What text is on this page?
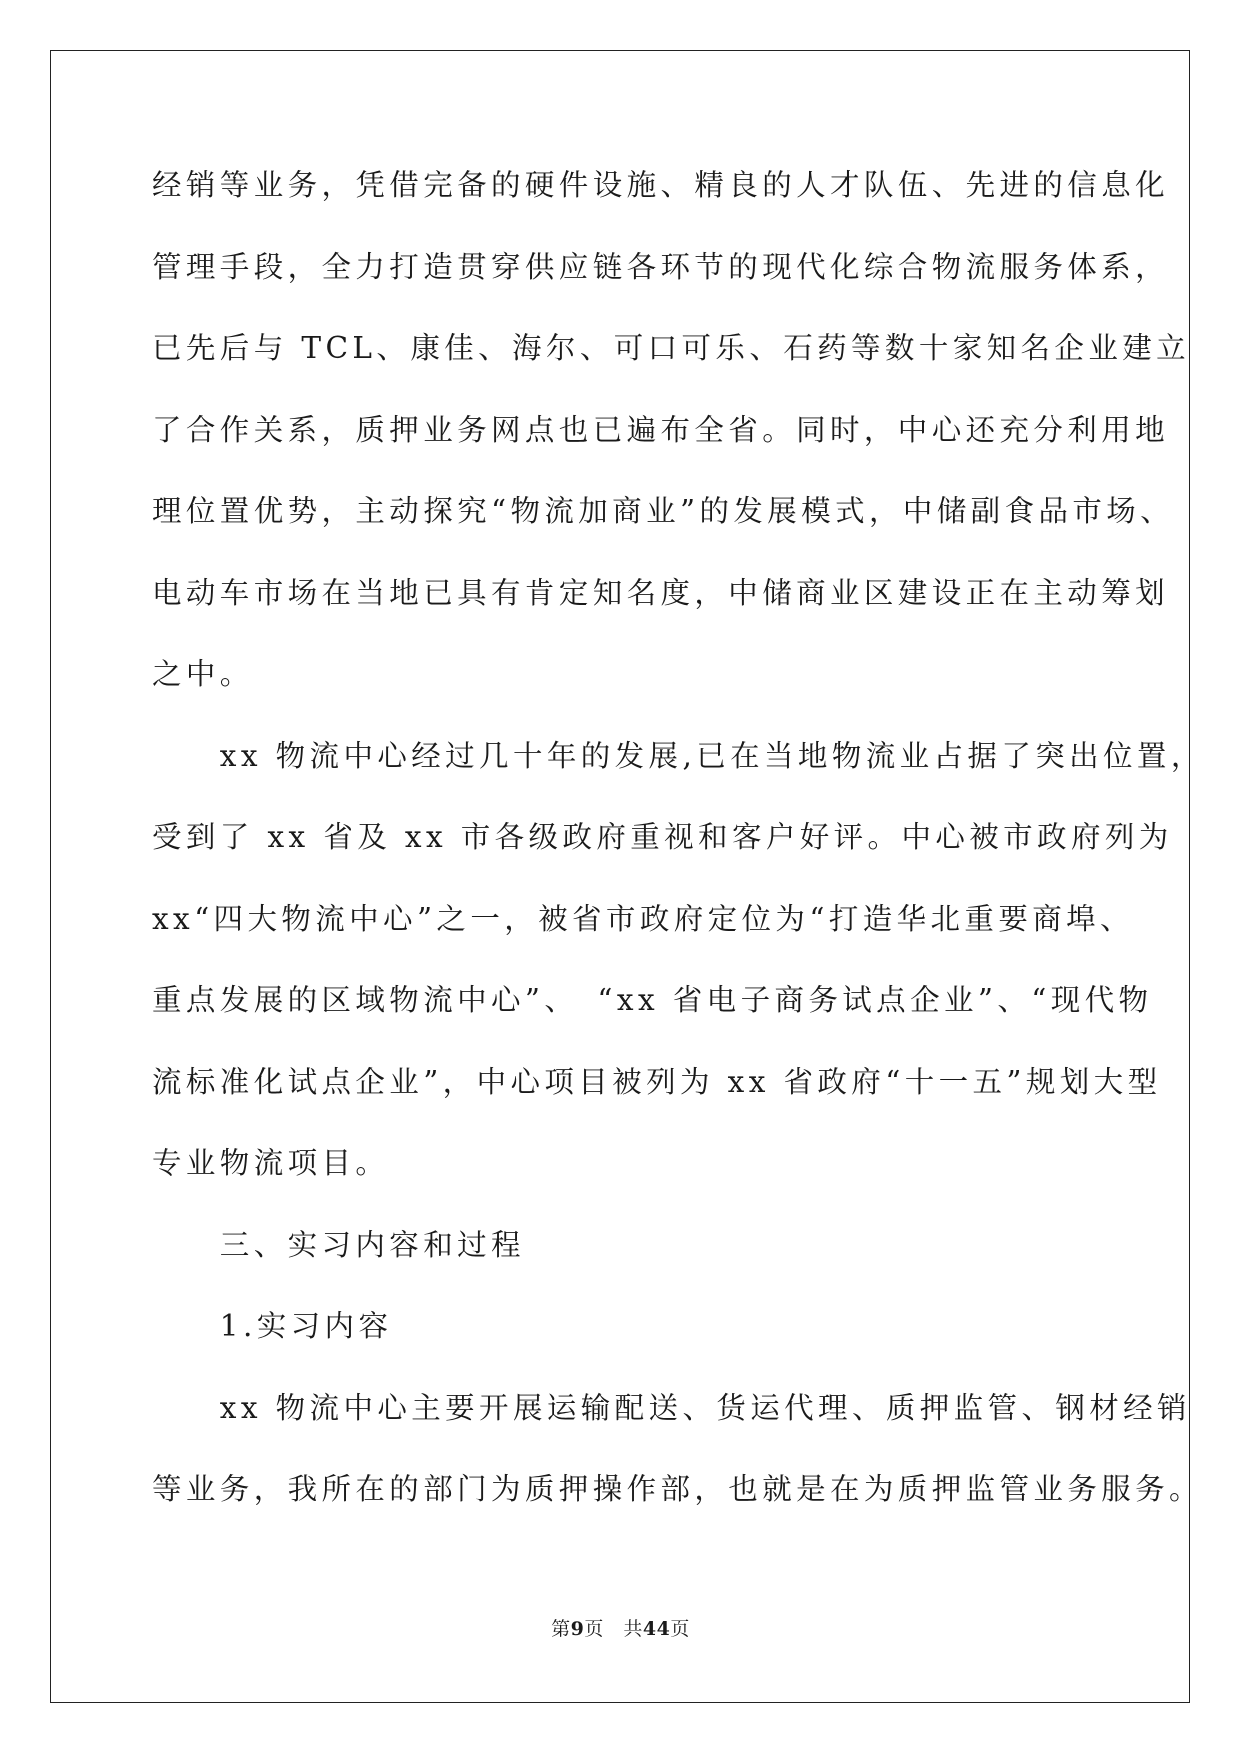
经销等业务，凭借完备的硬件设施、精良的人才队伍、先进的信息化
管理手段，全力打造贯穿供应链各环节的现代化综合物流服务体系，
已先后与 TCL、康佳、海尔、可口可乐、石药等数十家知名企业建立
了合作关系，质押业务网点也已遍布全省。同时，中心还充分利用地
理位置优势，主动探究“物流加商业”的发展模式，中储副食品市场、
电动车市场在当地已具有肯定知名度，中储商业区建设正在主动筹划
之中。
　　xx 物流中心经过几十年的发展,已在当地物流业占据了突出位置，
受到了 xx 省及 xx 市各级政府重视和客户好评。中心被市政府列为
xx“四大物流中心”之一，被省市政府定位为“打造华北重要商埠、
重点发展的区域物流中心”、　“xx 省电子商务试点企业”、“现代物
流标准化试点企业”，中心项目被列为 xx 省政府“十一五”规划大型
专业物流项目。
　　三、实习内容和过程
　　1.实习内容
　　xx 物流中心主要开展运输配送、货运代理、质押监管、钢材经销
等业务，我所在的部门为质押操作部，也就是在为质押监管业务服务。
第9页　共44页
